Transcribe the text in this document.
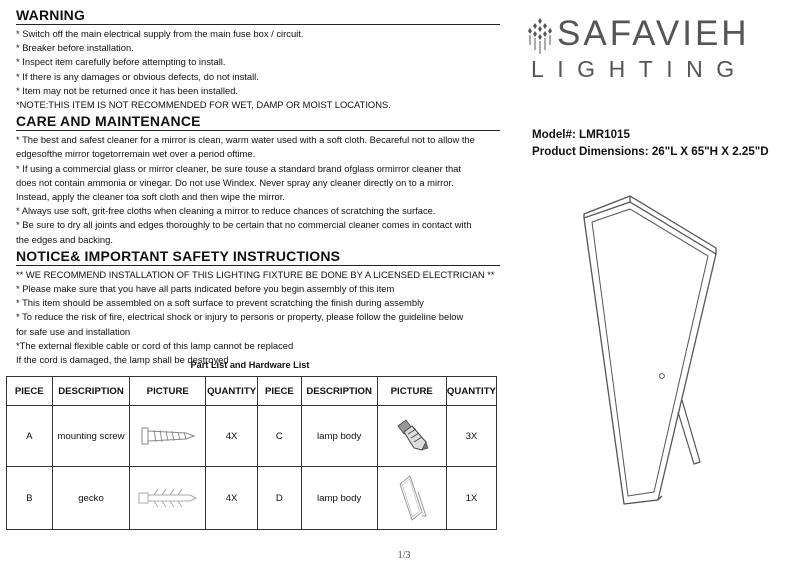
WARNING
* Switch off the main electrical supply from the main fuse box / circuit.
* Breaker before installation.
* Inspect item carefully before attempting to install.
* If there is any damages or obvious defects, do not install.
* Item may not be returned once it has been installed.
*NOTE:THIS ITEM IS NOT RECOMMENDED FOR WET, DAMP OR MOIST LOCATIONS.
CARE AND MAINTENANCE
* The best and safest cleaner for a mirror is clean, warm water used with a soft cloth. Becareful not to allow the
edgesofthe mirror togetorremain wet over a period oftime.
* If using a commercial glass or mirror cleaner, be sure touse a standard brand ofglass ormirror cleaner that
does not contain ammonia or vinegar. Do not use Windex. Never spray any cleaner directly on to a mirror.
Instead, apply the cleaner toa soft cloth and then wipe the mirror.
* Always use soft, grit-free cloths when cleaning a mirror to reduce chances of scratching the surface.
* Be sure to dry all joints and edges thoroughly to be certain that no commercial cleaner comes in contact with
the edges and backing.
NOTICE& IMPORTANT SAFETY INSTRUCTIONS
** WE RECOMMEND INSTALLATION OF THIS LIGHTING FIXTURE BE DONE BY A LICENSED ELECTRICIAN **
* Please make sure that you have all parts indicated before you begin assembly of this item
* This item should be assembled on a soft surface to prevent scratching the finish during assembly
* To reduce the risk of fire, electrical shock or injury to persons or property, please follow the guideline below
for safe use and installation
*The external flexible cable or cord of this lamp cannot be replaced
If the cord is damaged, the lamp shall be destroyed
Part List and Hardware List
PIECE	DESCRIPTION	PICTURE	QUANTITY	PIECE	DESCRIPTION	PICTURE	QUANTITY
A	mounting screw		4X	C	lamp body		3X
B	gecko		4X	D	lamp body		1X
SAFAVIEH
LIGHTING
Model#: LMR1015
Product Dimensions: 26"L X 65"H X 2.25"D
1/3
